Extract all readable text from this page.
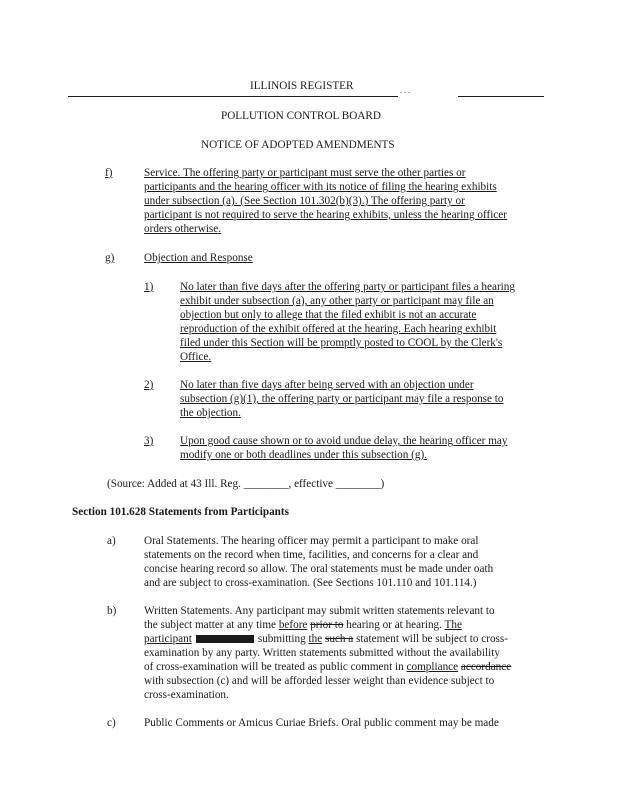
ILLINOIS REGISTER	. . .
POLLUTION CONTROL BOARD
NOTICE OF ADOPTED AMENDMENTS
f)	Service. The offering party or participant must serve the other parties or
participants and the hearing officer with its notice of filing the hearing exhibits
under subsection (a). (See Section 101.302(b)(3).) The offering party or
participant is not required to serve the hearing exhibits, unless the hearing officer
orders otherwise.
g)	Objection and Response
1) No later than five days after the offering party or participant files a hearing
exhibit under subsection (a), any other party or participant may file an
objection but only to allege that the filed exhibit is not an accurate
reproduction of the exhibit offered at the hearing. Each hearing exhibit
filed under this Section will be promptly posted to COOL by the Clerk's
Office.
2) No later than five days after being served with an objection under
subsection (g)(1), the offering party or participant may file a response to
the objection.
3) Upon good cause shown or to avoid undue delay, the hearing officer may
modify one or both deadlines under this subsection (g).
(Source: Added at 43 Ill. Reg. ________, effective ________)
Section 101.628 Statements from Participants
a)	Oral Statements. The hearing officer may permit a participant to make oral
statements on the record when time, facilities, and concerns for a clear and
concise hearing record so allow. The oral statements must be made under oath
and are subject to cross-examination. (See Sections 101.110 and 101.114.)
b) Written Statements. Any participant may submit written statements relevant to
the subject matter at any time before prior to hearing or at hearing. The
participant	submitting the such a statement will be subject to cross-
examination by any party. Written statements submitted without the availability
of cross-examination will be treated as public comment in compliance accordance
with subsection (c) and will be afforded lesser weight than evidence subject to
cross-examination.
c)	Public Comments or Amicus Curiae Briefs. Oral public comment may be made
